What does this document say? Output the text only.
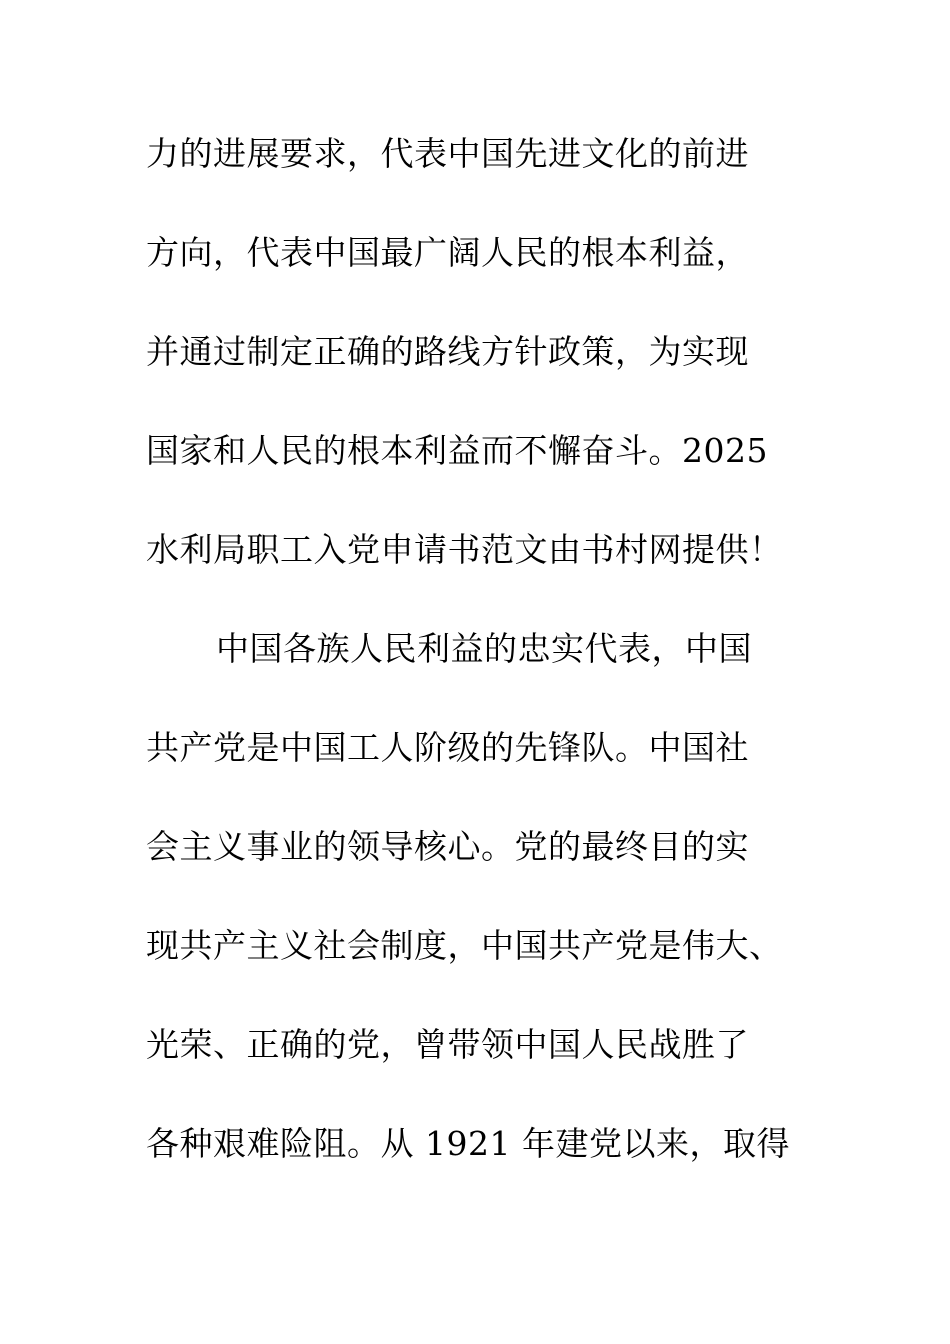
力的进展要求，代表中国先进文化的前进
方向，代表中国最广阔人民的根本利益，
并通过制定正确的路线方针政策，为实现
国家和人民的根本利益而不懈奋斗。2025
水利局职工入党申请书范文由书村网提供！
中国各族人民利益的忠实代表，中国
共产党是中国工人阶级的先锋队。中国社
会主义事业的领导核心。党的最终目的实
现共产主义社会制度，中国共产党是伟大、
光荣、正确的党，曾带领中国人民战胜了
各种艰难险阻。从 1921 年建党以来，取得
